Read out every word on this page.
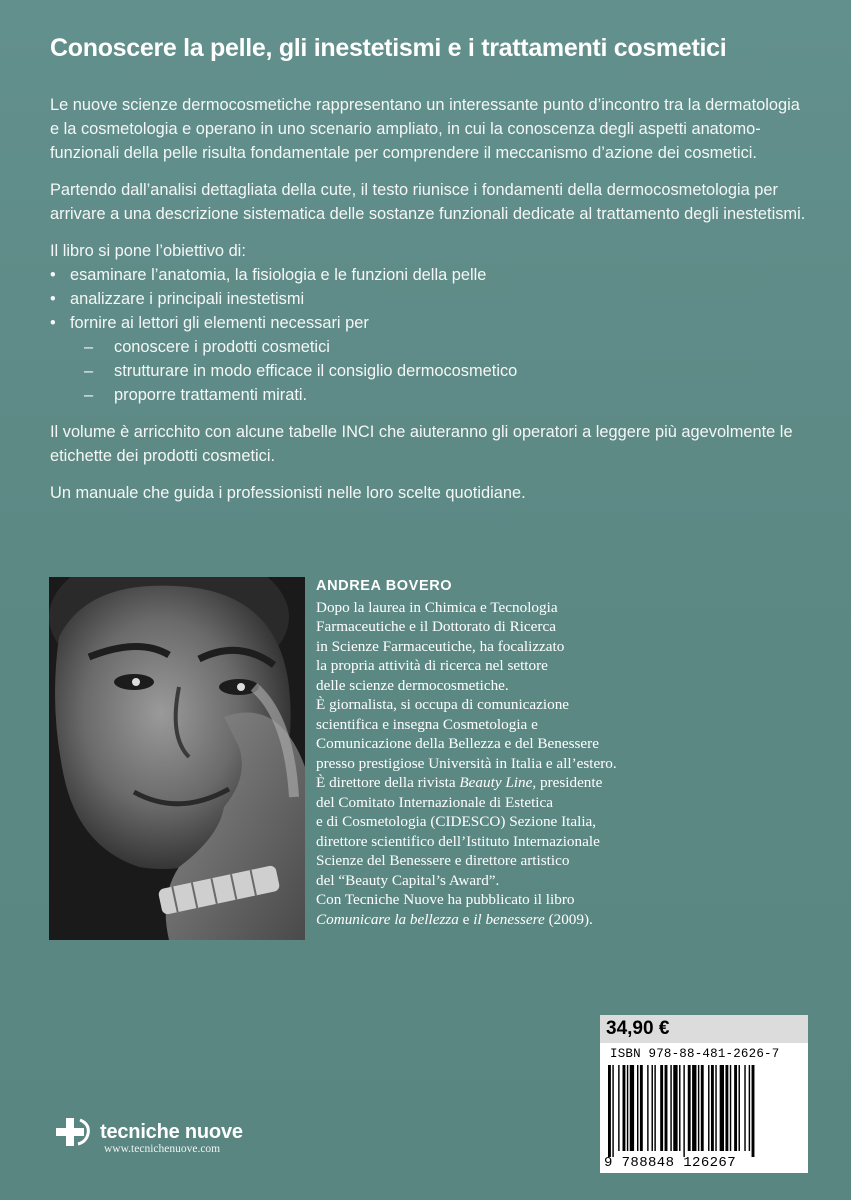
Conoscere la pelle, gli inestetismi e i trattamenti cosmetici

Le nuove scienze dermocosmetiche rappresentano un interessante punto d’incontro tra la dermatologia e la cosmetologia e operano in uno scenario ampliato, in cui la conoscenza degli aspetti anatomo-funzionali della pelle risulta fondamentale per comprendere il meccanismo d’azione dei cosmetici.

Partendo dall’analisi dettagliata della cute, il testo riunisce i fondamenti della dermocosmetologia per arrivare a una descrizione sistematica delle sostanze funzionali dedicate al trattamento degli inestetismi.

Il libro si pone l’obiettivo di:

• esaminare l’anatomia, la fisiologia e le funzioni della pelle
• analizzare i principali inestetismi
• fornire ai lettori gli elementi necessari per
– conoscere i prodotti cosmetici
– strutturare in modo efficace il consiglio dermocosmetico
– proporre trattamenti mirati.

Il volume è arricchito con alcune tabelle INCI che aiuteranno gli operatori a leggere più agevolmente le etichette dei prodotti cosmetici.

Un manuale che guida i professionisti nelle loro scelte quotidiane.

ANDREA BOVERO
Dopo la laurea in Chimica e Tecnologia
Farmaceutiche e il Dottorato di Ricerca
in Scienze Farmaceutiche, ha focalizzato
la propria attività di ricerca nel settore
delle scienze dermocosmetiche.
È giornalista, si occupa di comunicazione
scientifica e insegna Cosmetologia e
Comunicazione della Bellezza e del Benessere
presso prestigiose Università in Italia e all’estero.
È direttore della rivista Beauty Line, presidente
del Comitato Internazionale di Estetica
e di Cosmetologia (CIDESCO) Sezione Italia,
direttore scientifico dell’Istituto Internazionale
Scienze del Benessere e direttore artistico
del “Beauty Capital’s Award”.
Con Tecniche Nuove ha pubblicato il libro
Comunicare la bellezza e il benessere (2009).
34,90 €
ISBN 978-88-481-2626-7
9 788848 126267
tecniche nuove
www.tecnichenuove.com
